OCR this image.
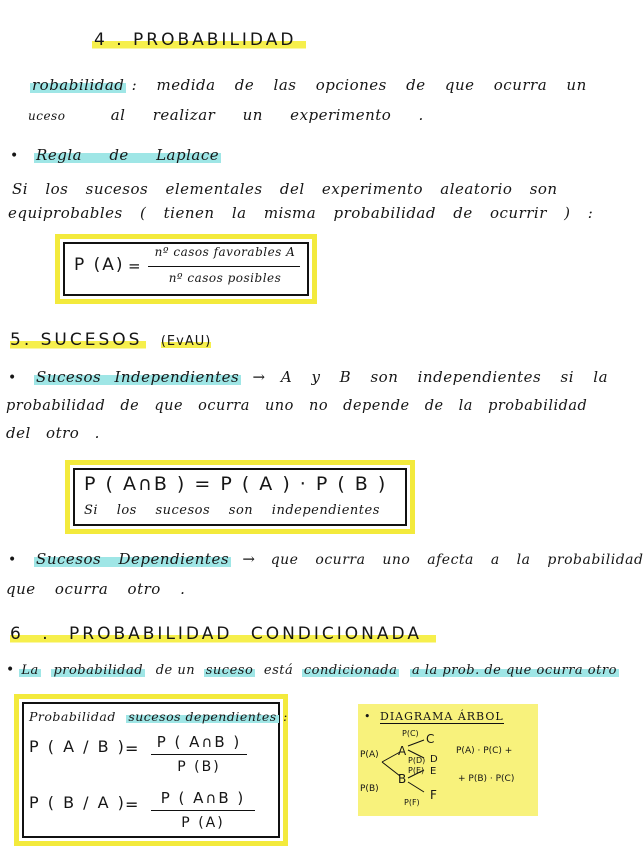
4 . PROBABILIDAD
robabilidad : medida de las opciones de que ocurra un
uceso	al realizar un experimento .
• Regla de Laplace
Si los sucesos elementales del experimento aleatorio son
equiprobables ( tienen la misma probabilidad de ocurrir ) :
P (A) =
nº casos favorables A
nº casos posibles
5. SUCESOS (EvAU)
• Sucesos Independientes → A y B son independientes si la
probabilidad de que ocurra uno no depende de la probabilidad
del otro .
P ( A∩B ) = P ( A ) · P ( B )
Si los sucesos son independientes
• Sucesos Dependientes → que ocurra uno afecta a la probabilidad
que ocurra otro .
6 . PROBABILIDAD CONDICIONADA
• La probabilidad de un suceso está condicionada a la prob. de que ocurra otro
Probabilidad sucesos dependientes :
P ( A / B ) =	P ( A∩B )
P (B)
P ( B / A ) =	P ( A∩B )
P (A)
• DIAGRAMA ÁRBOL
P(A)
P(B)
A
B
P(C)
P(D)
P(E)
P(F)
C
D
E
F
P(A) · P(C) +
+ P(B) · P(C)
